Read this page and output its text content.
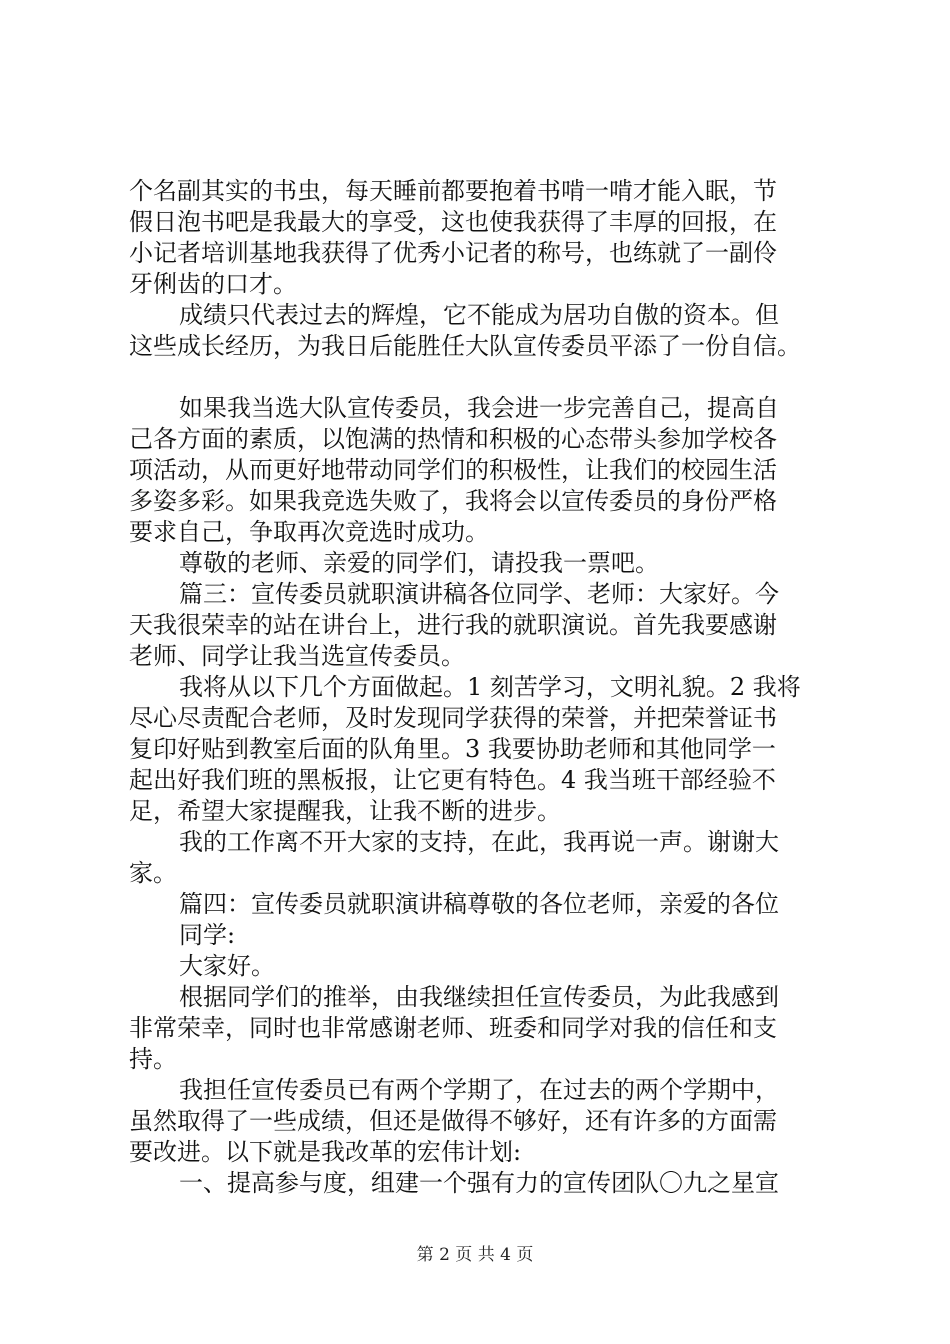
个名副其实的书虫，每天睡前都要抱着书啃一啃才能入眠，节
假日泡书吧是我最大的享受，这也使我获得了丰厚的回报，在
小记者培训基地我获得了优秀小记者的称号，也练就了一副伶
牙俐齿的口才。
成绩只代表过去的辉煌，它不能成为居功自傲的资本。但
这些成长经历，为我日后能胜任大队宣传委员平添了一份自信。
如果我当选大队宣传委员，我会进一步完善自己，提高自
己各方面的素质，以饱满的热情和积极的心态带头参加学校各
项活动，从而更好地带动同学们的积极性，让我们的校园生活
多姿多彩。如果我竞选失败了，我将会以宣传委员的身份严格
要求自己，争取再次竞选时成功。
尊敬的老师、亲爱的同学们，请投我一票吧。
篇三：宣传委员就职演讲稿各位同学、老师：大家好。今
天我很荣幸的站在讲台上，进行我的就职演说。首先我要感谢
老师、同学让我当选宣传委员。
我将从以下几个方面做起。1 刻苦学习，文明礼貌。2 我将
尽心尽责配合老师，及时发现同学获得的荣誉，并把荣誉证书
复印好贴到教室后面的队角里。3 我要协助老师和其他同学一
起出好我们班的黑板报，让它更有特色。4 我当班干部经验不
足，希望大家提醒我，让我不断的进步。
我的工作离不开大家的支持，在此，我再说一声。谢谢大
家。
篇四：宣传委员就职演讲稿尊敬的各位老师，亲爱的各位
同学:
大家好。
根据同学们的推举，由我继续担任宣传委员，为此我感到
非常荣幸，同时也非常感谢老师、班委和同学对我的信任和支
持。
我担任宣传委员已有两个学期了，在过去的两个学期中，
虽然取得了一些成绩，但还是做得不够好，还有许多的方面需
要改进。以下就是我改革的宏伟计划:
一、提高参与度，组建一个强有力的宣传团队〇九之星宣
第 2 页 共 4 页
